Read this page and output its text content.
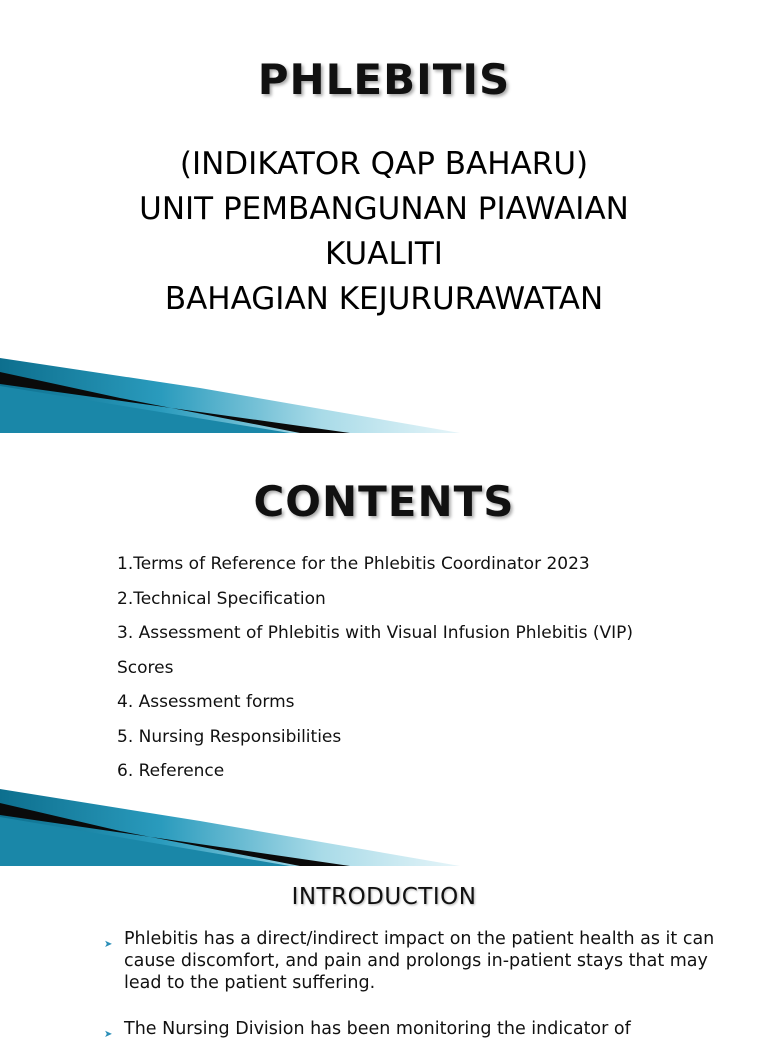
PHLEBITIS
(INDIKATOR QAP BAHARU)
UNIT PEMBANGUNAN PIAWAIAN
KUALITI
BAHAGIAN KEJURURAWATAN
CONTENTS
1.Terms of Reference for the Phlebitis Coordinator 2023
2.Technical Specification
3. Assessment of Phlebitis with Visual Infusion Phlebitis (VIP)
Scores
4. Assessment forms
5. Nursing Responsibilities
6. Reference
INTRODUCTION
➤ Phlebitis has a direct/indirect impact on the patient health as it can cause discomfort, and pain and prolongs in-patient stays that may lead to the patient suffering.
➤ The Nursing Division has been monitoring the indicator of
